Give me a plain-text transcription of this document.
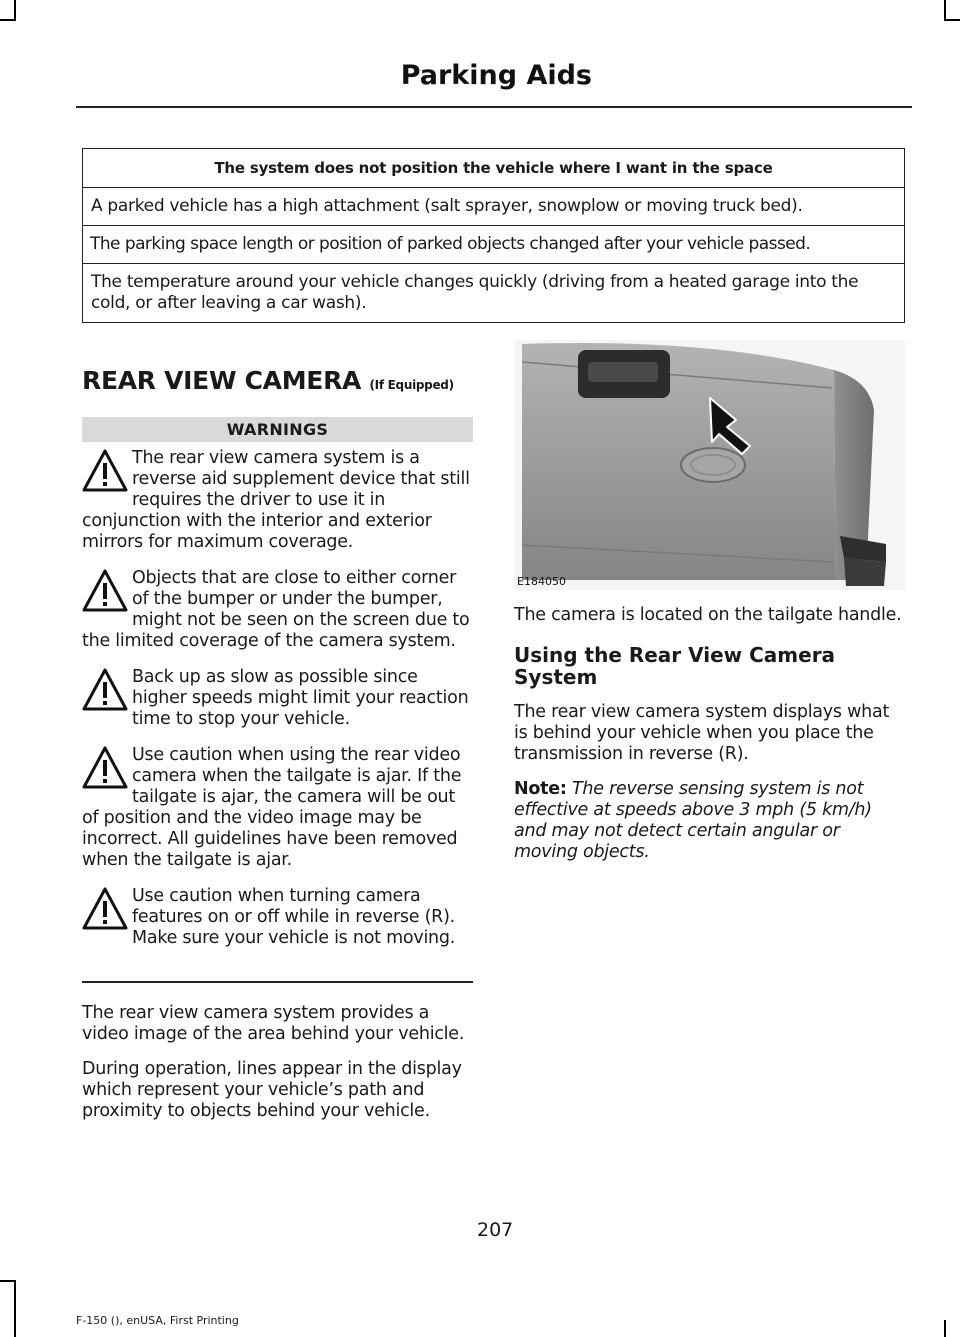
Parking Aids
The system does not position the vehicle where I want in the space
A parked vehicle has a high attachment (salt sprayer, snowplow or moving truck bed).
The parking space length or position of parked objects changed after your vehicle passed.
The temperature around your vehicle changes quickly (driving from a heated garage into the cold, or after leaving a car wash).
REAR VIEW CAMERA (If Equipped)
WARNINGS
The rear view camera system is a reverse aid supplement device that still requires the driver to use it in conjunction with the interior and exterior mirrors for maximum coverage.
Objects that are close to either corner of the bumper or under the bumper, might not be seen on the screen due to the limited coverage of the camera system.
Back up as slow as possible since higher speeds might limit your reaction time to stop your vehicle.
Use caution when using the rear video camera when the tailgate is ajar. If the tailgate is ajar, the camera will be out of position and the video image may be incorrect. All guidelines have been removed when the tailgate is ajar.
Use caution when turning camera features on or off while in reverse (R). Make sure your vehicle is not moving.

The rear view camera system provides a video image of the area behind your vehicle.

During operation, lines appear in the display which represent your vehicle’s path and proximity to objects behind your vehicle.

E184050

The camera is located on the tailgate handle.

Using the Rear View Camera System

The rear view camera system displays what is behind your vehicle when you place the transmission in reverse (R).

Note: The reverse sensing system is not effective at speeds above 3 mph (5 km/h) and may not detect certain angular or moving objects.

207
F-150 (), enUSA, First Printing
